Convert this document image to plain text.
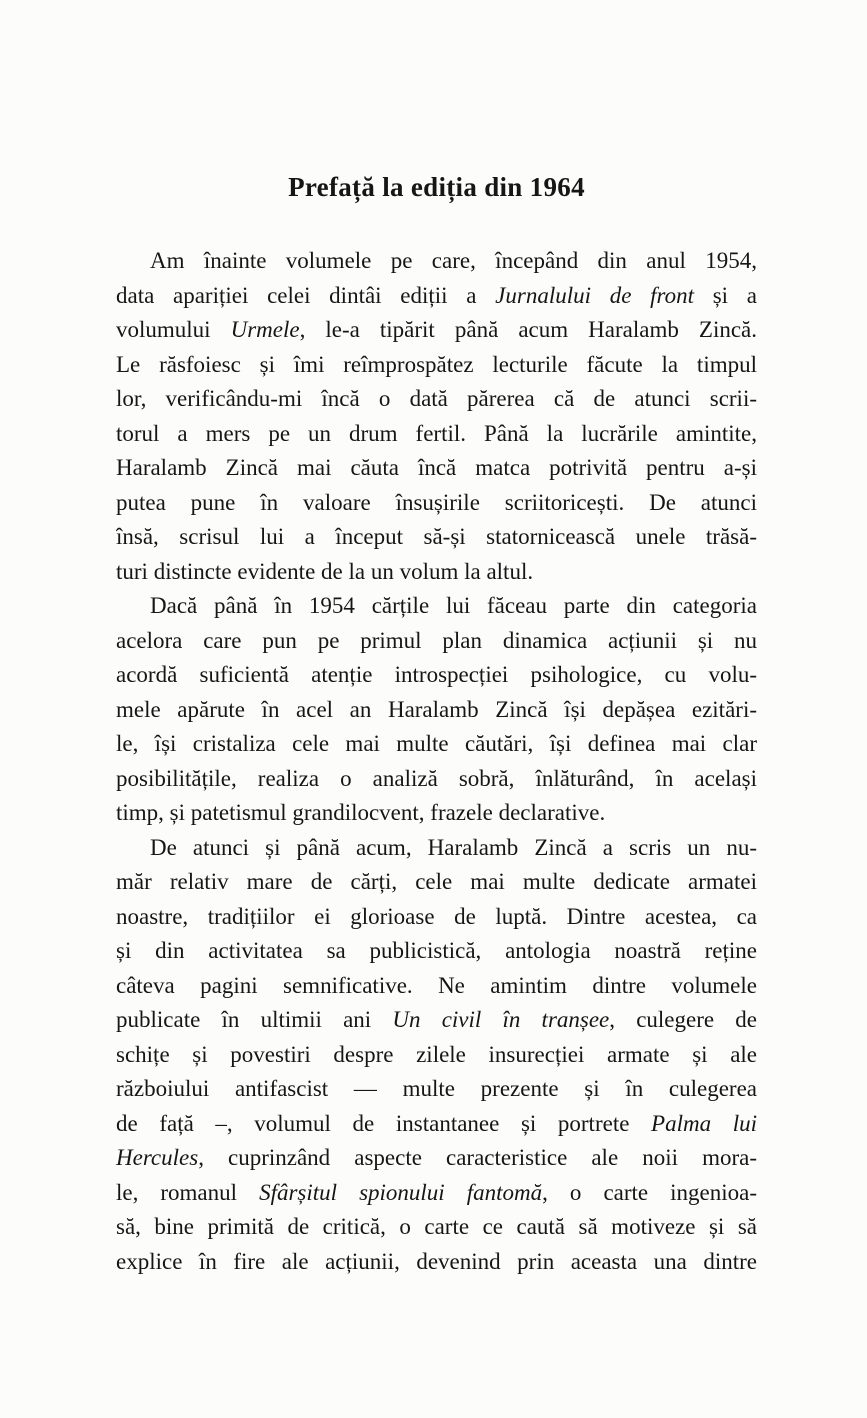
Prefață la ediția din 1964
Am înainte volumele pe care, începând din anul 1954,
data apariției celei dintâi ediții a Jurnalului de front și a
volumului Urmele, le-a tipărit până acum Haralamb Zincă.
Le răsfoiesc și îmi reîmprospătez lecturile făcute la timpul
lor, verificându-mi încă o dată părerea că de atunci scrii-
torul a mers pe un drum fertil. Până la lucrările amintite,
Haralamb Zincă mai căuta încă matca potrivită pentru a-și
putea pune în valoare însușirile scriitoricești. De atunci
însă, scrisul lui a început să-și statornicească unele trăsă-
turi distincte evidente de la un volum la altul.
Dacă până în 1954 cărțile lui făceau parte din categoria
acelora care pun pe primul plan dinamica acțiunii și nu
acordă suficientă atenție introspecției psihologice, cu volu-
mele apărute în acel an Haralamb Zincă își depășea ezitări-
le, își cristaliza cele mai multe căutări, își definea mai clar
posibilitățile, realiza o analiză sobră, înlăturând, în același
timp, și patetismul grandilocvent, frazele declarative.
De atunci și până acum, Haralamb Zincă a scris un nu-
măr relativ mare de cărți, cele mai multe dedicate armatei
noastre, tradițiilor ei glorioase de luptă. Dintre acestea, ca
și din activitatea sa publicistică, antologia noastră reține
câteva pagini semnificative. Ne amintim dintre volumele
publicate în ultimii ani Un civil în tranșee, culegere de
schițe și povestiri despre zilele insurecției armate și ale
războiului antifascist — multe prezente și în culegerea
de față –, volumul de instantanee și portrete Palma lui
Hercules, cuprinzând aspecte caracteristice ale noii mora-
le, romanul Sfârșitul spionului fantomă, o carte ingenioa-
să, bine primită de critică, o carte ce caută să motiveze și să
explice în fire ale acțiunii, devenind prin aceasta una dintre
